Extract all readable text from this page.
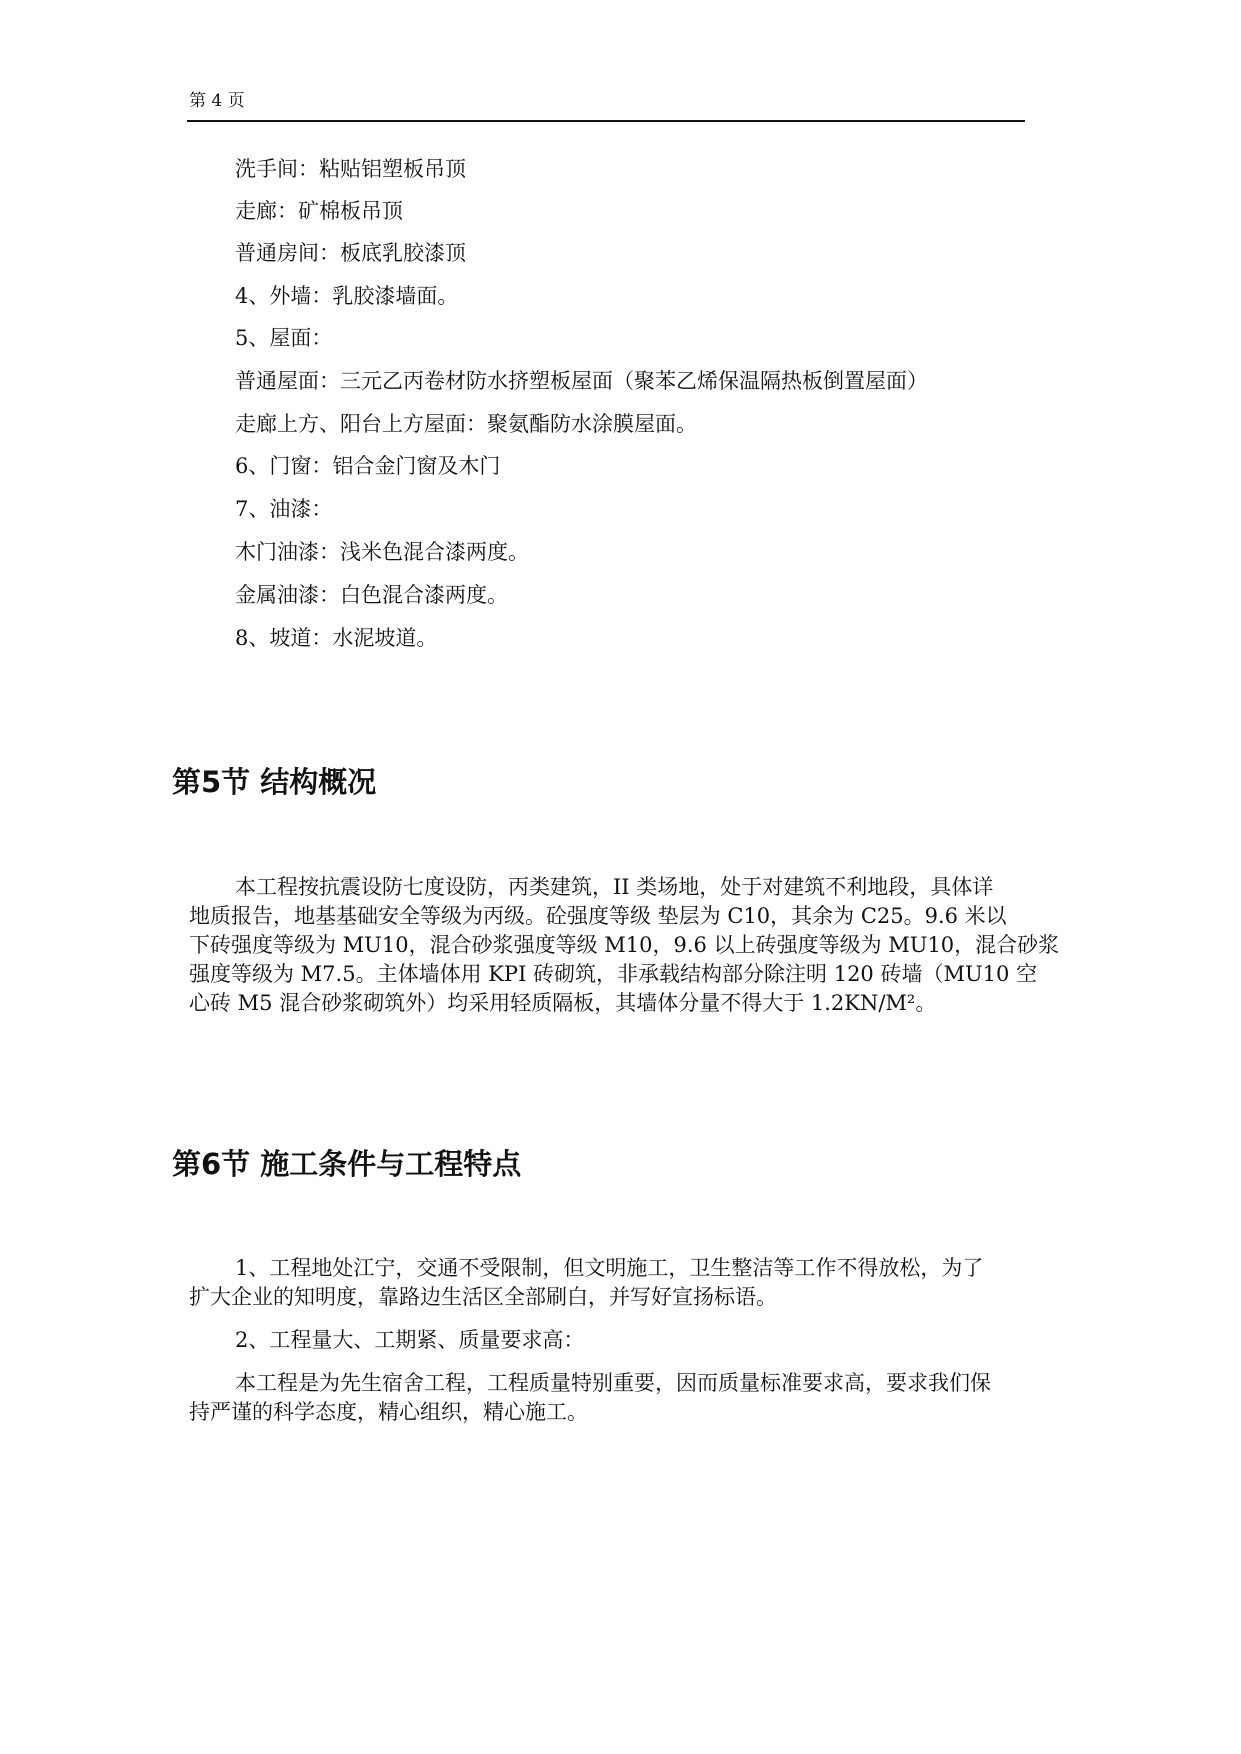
第 4 页
洗手间：粘贴铝塑板吊顶
走廊：矿棉板吊顶
普通房间：板底乳胶漆顶
4、外墙：乳胶漆墙面。
5、屋面：
普通屋面：三元乙丙卷材防水挤塑板屋面（聚苯乙烯保温隔热板倒置屋面）
走廊上方、阳台上方屋面：聚氨酯防水涂膜屋面。
6、门窗：铝合金门窗及木门
7、油漆：
木门油漆：浅米色混合漆两度。
金属油漆：白色混合漆两度。
8、坡道：水泥坡道。
第5节 结构概况
本工程按抗震设防七度设防，丙类建筑，II 类场地，处于对建筑不利地段，具体详
地质报告，地基基础安全等级为丙级。砼强度等级 垫层为 C10，其余为 C25。9.6 米以
下砖强度等级为 MU10，混合砂浆强度等级 M10，9.6 以上砖强度等级为 MU10，混合砂浆
强度等级为 M7.5。主体墙体用 KPI 砖砌筑，非承载结构部分除注明 120 砖墙（MU10 空
心砖 M5 混合砂浆砌筑外）均采用轻质隔板，其墙体分量不得大于 1.2KN/M²。
第6节 施工条件与工程特点
1、工程地处江宁，交通不受限制，但文明施工，卫生整洁等工作不得放松，为了
扩大企业的知明度，靠路边生活区全部刷白，并写好宣扬标语。
2、工程量大、工期紧、质量要求高：
本工程是为先生宿舍工程，工程质量特别重要，因而质量标准要求高，要求我们保
持严谨的科学态度，精心组织，精心施工。
